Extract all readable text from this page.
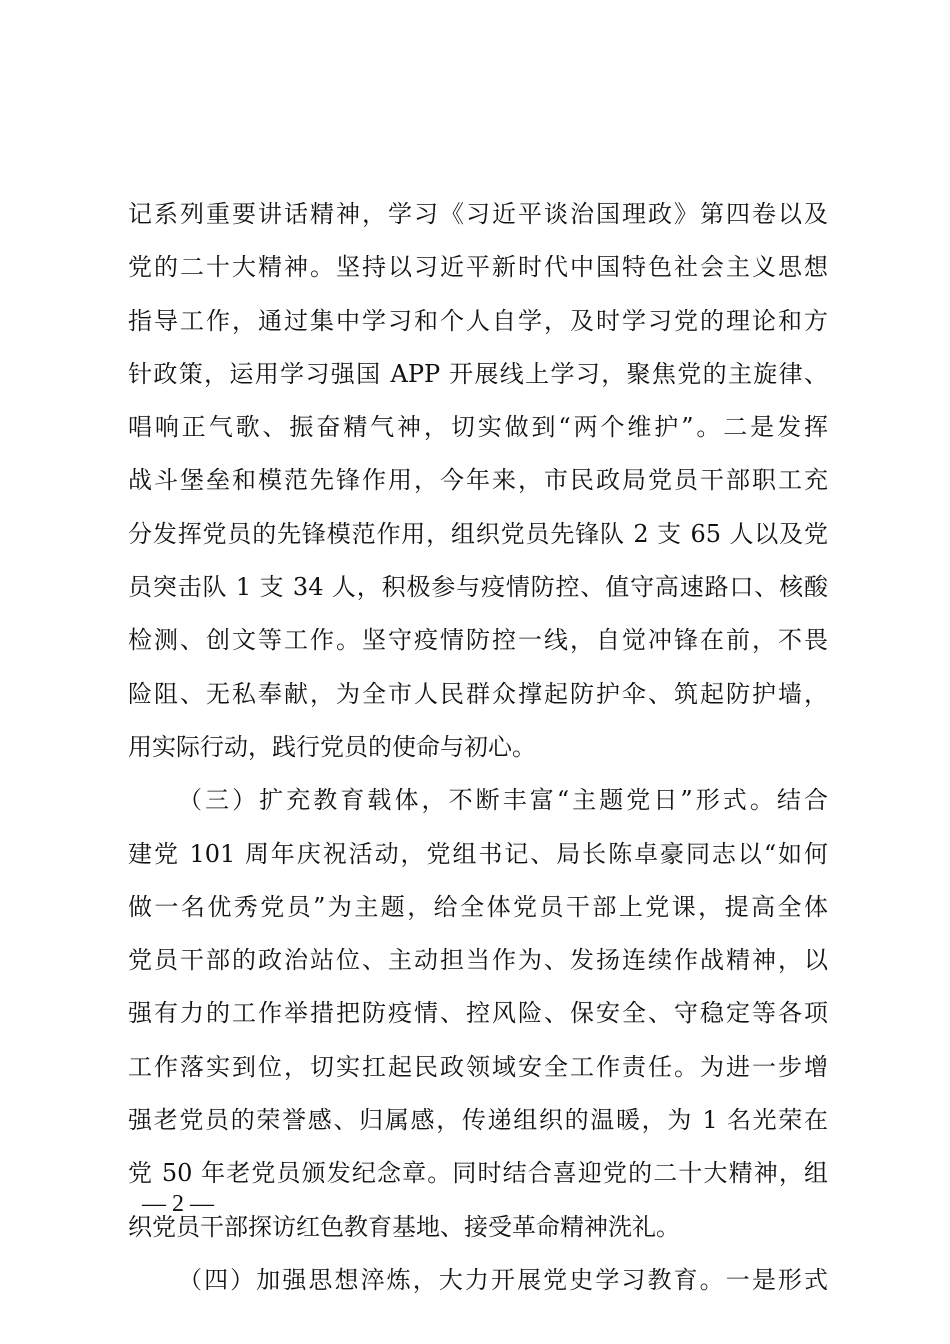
记系列重要讲话精神，学习《习近平谈治国理政》第四卷以及
党的二十大精神。坚持以习近平新时代中国特色社会主义思想
指导工作，通过集中学习和个人自学，及时学习党的理论和方
针政策，运用学习强国 APP 开展线上学习，聚焦党的主旋律、
唱响正气歌、振奋精气神，切实做到“两个维护”。二是发挥
战斗堡垒和模范先锋作用，今年来，市民政局党员干部职工充
分发挥党员的先锋模范作用，组织党员先锋队 2 支 65 人以及党
员突击队 1 支 34 人，积极参与疫情防控、值守高速路口、核酸
检测、创文等工作。坚守疫情防控一线，自觉冲锋在前，不畏
险阻、无私奉献，为全市人民群众撑起防护伞、筑起防护墙，
用实际行动，践行党员的使命与初心。
（三）扩充教育载体，不断丰富“主题党日”形式。结合
建党 101 周年庆祝活动，党组书记、局长陈卓豪同志以“如何
做一名优秀党员”为主题，给全体党员干部上党课，提高全体
党员干部的政治站位、主动担当作为、发扬连续作战精神，以
强有力的工作举措把防疫情、控风险、保安全、守稳定等各项
工作落实到位，切实扛起民政领域安全工作责任。为进一步增
强老党员的荣誉感、归属感，传递组织的温暖，为 1 名光荣在
党 50 年老党员颁发纪念章。同时结合喜迎党的二十大精神，组
织党员干部探访红色教育基地、接受革命精神洗礼。
（四）加强思想淬炼，大力开展党史学习教育。一是形式
— 2 —
